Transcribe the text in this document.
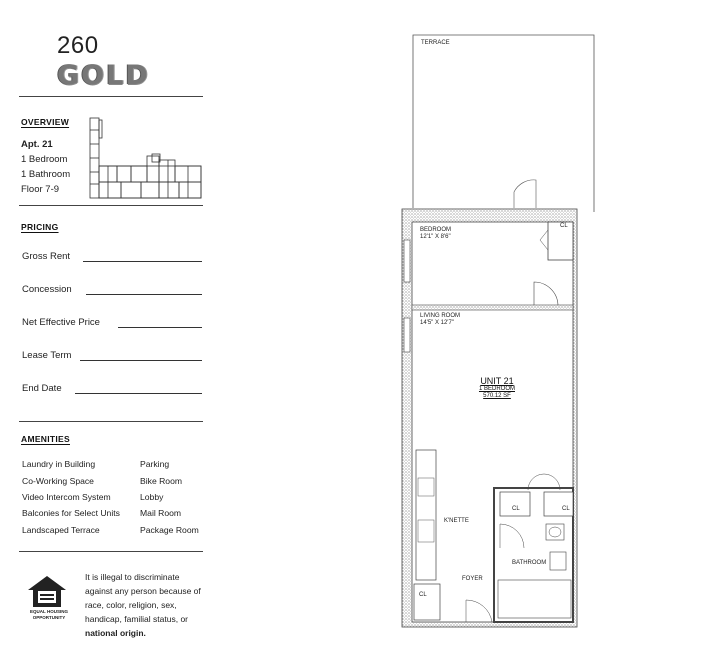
260
GOLD
OVERVIEW
Apt. 21
1 Bedroom
1 Bathroom
Floor 7-9
PRICING
Gross Rent
Concession
Net Effective Price
Lease Term
End Date
AMENITIES
Laundry in Building
Co-Working Space
Video Intercom System
Balconies for Select Units
Landscaped Terrace
Parking
Bike Room
Lobby
Mail Room
Package Room
EQUAL HOUSING
OPPORTUNITY
It is illegal to discriminate against any person because of race, color, religion, sex, handicap, familial status, or national origin.
TERRACE
BEDROOM
12'1" X 8'6"
CL
LIVING ROOM
14'5" X 12'7"
UNIT 21
1 BEDROOM
570.12 SF
K'NETTE
CL	CL
BATHROOM
FOYER
CL
